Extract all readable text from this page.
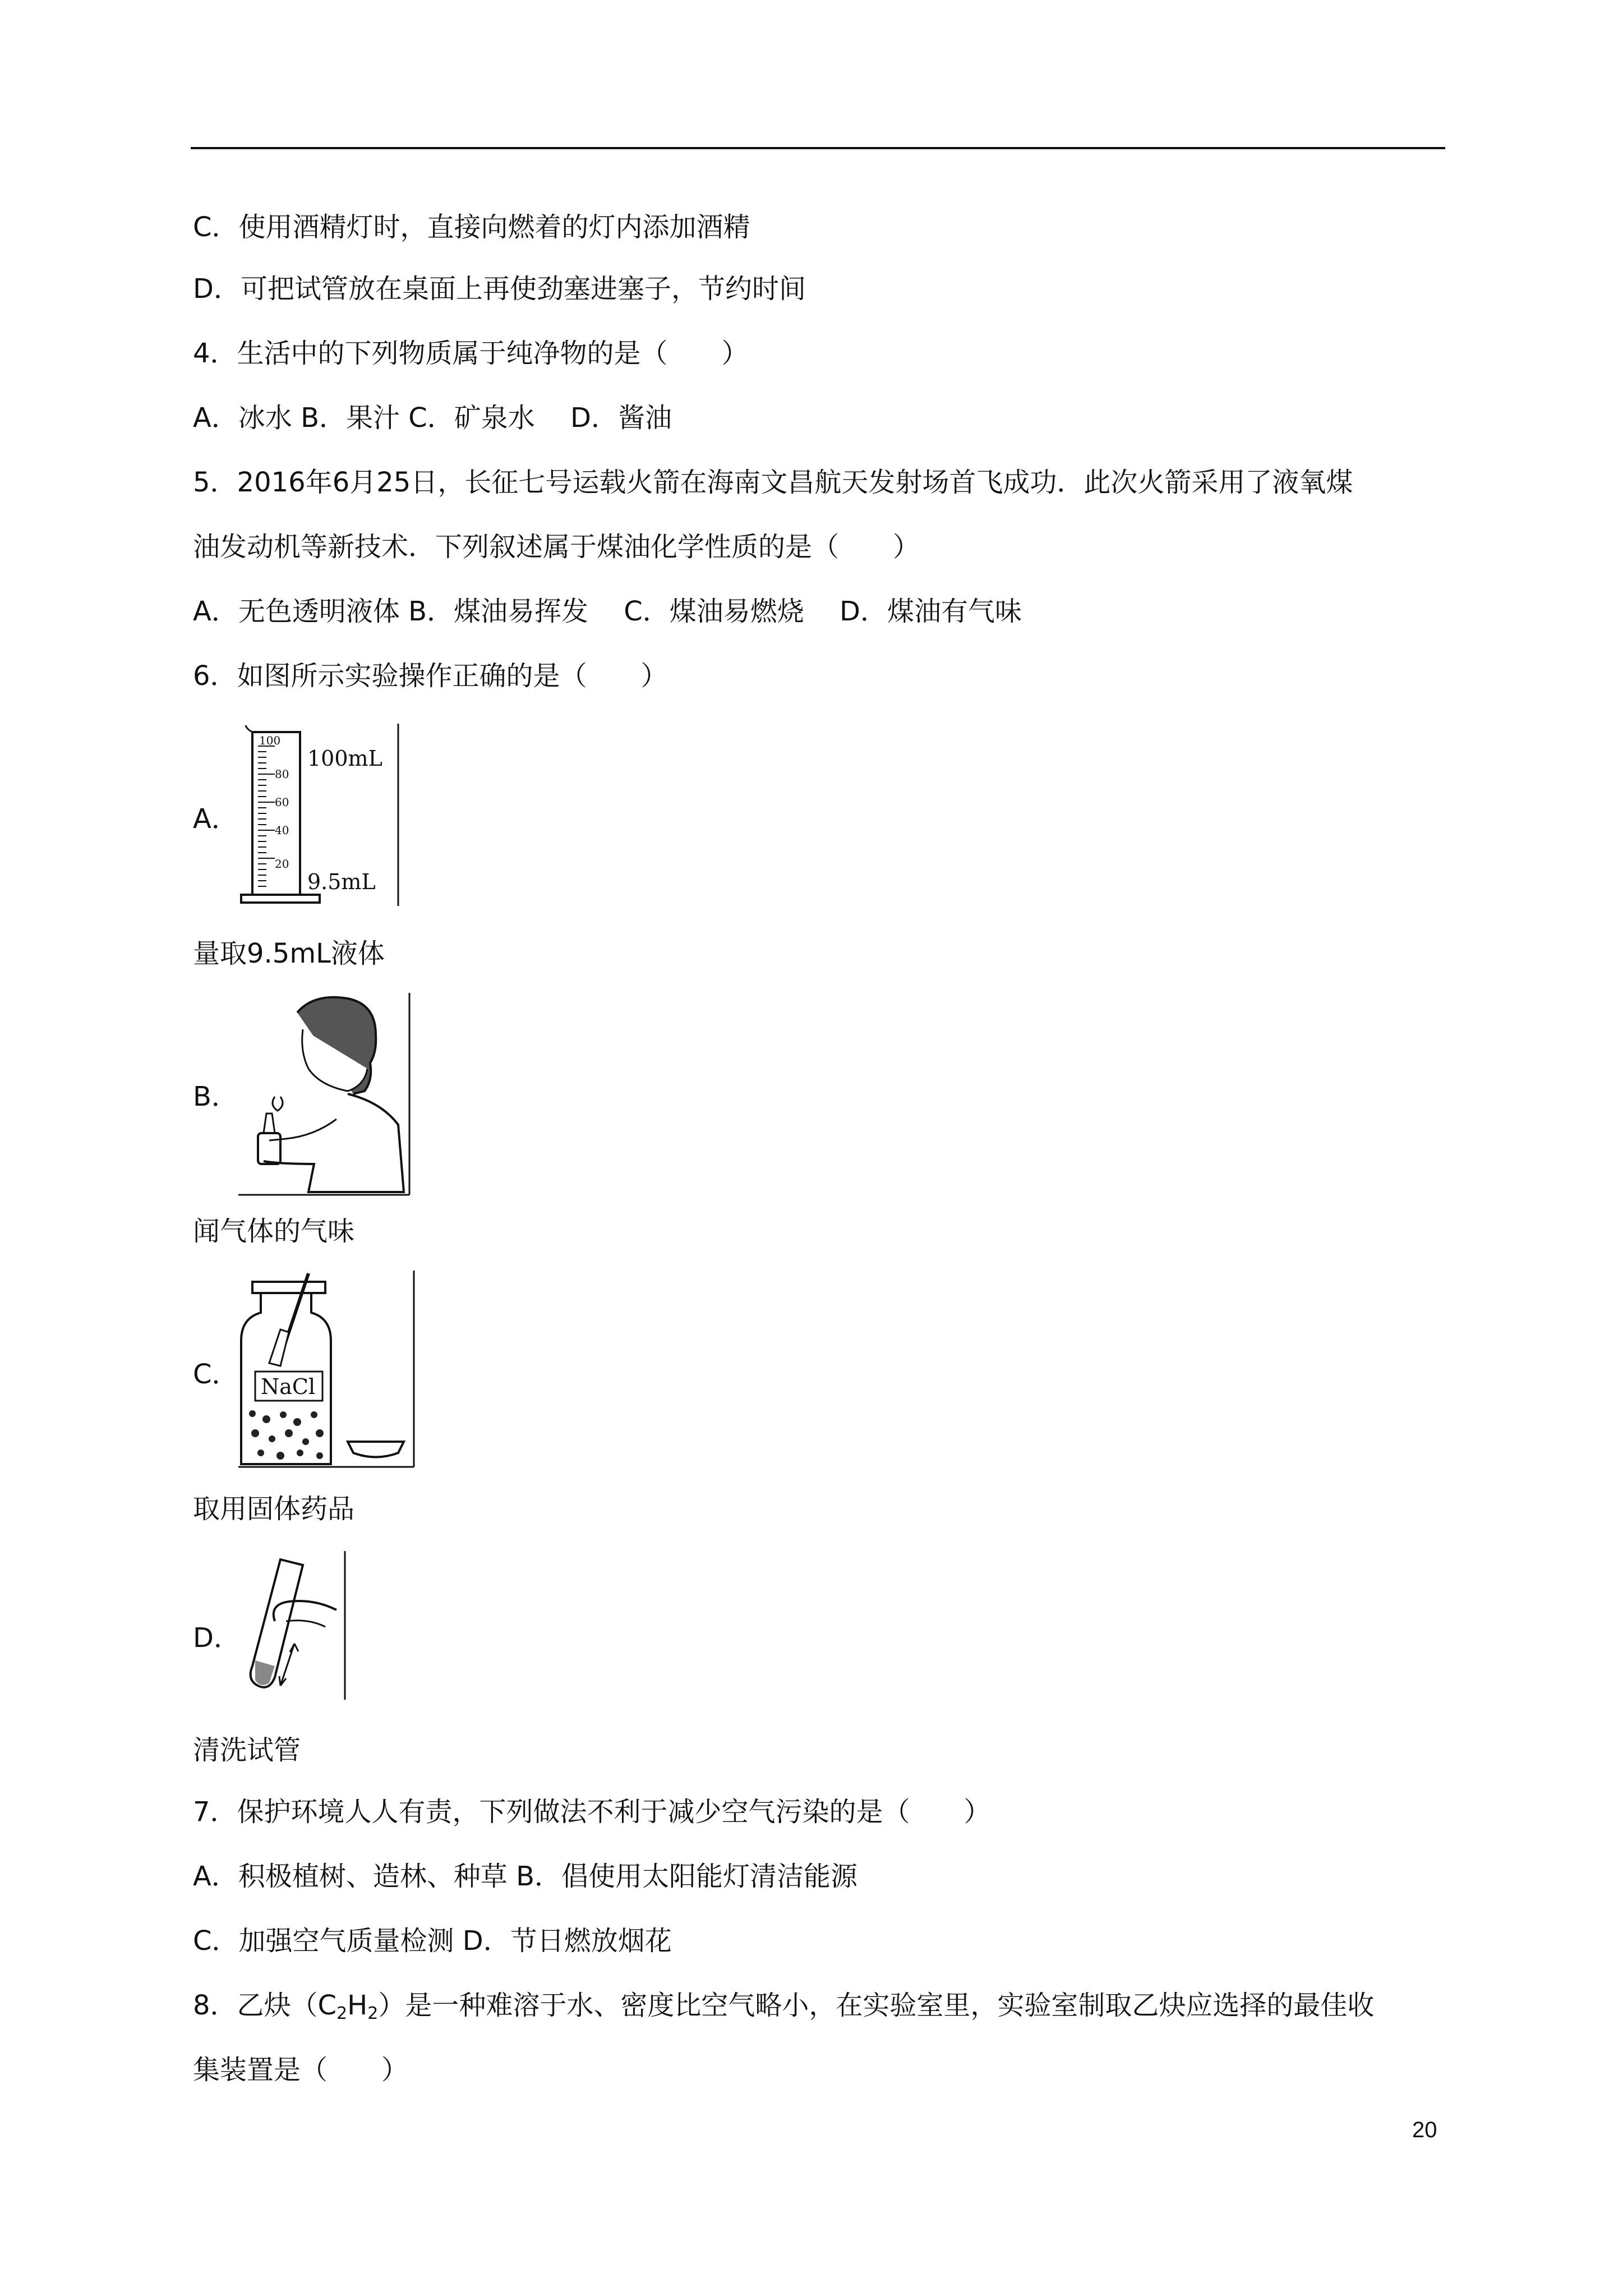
C．使用酒精灯时，直接向燃着的灯内添加酒精
D．可把试管放在桌面上再使劲塞进塞子，节约时间
4．生活中的下列物质属于纯净物的是（　　）
A．冰水 B．果汁 C．矿泉水　 D．酱油
5．2016年6月25日，长征七号运载火箭在海南文昌航天发射场首飞成功．此次火箭采用了液氧煤
油发动机等新技术．下列叙述属于煤油化学性质的是（　　）
A．无色透明液体 B．煤油易挥发　 C．煤油易燃烧　 D．煤油有气味
6．如图所示实验操作正确的是（　　）
A．
100
80
60
40
20
100mL
9.5mL
量取9.5mL液体
B．
闻气体的气味
C． NaCl
取用固体药品
D．
清洗试管
7．保护环境人人有责，下列做法不利于减少空气污染的是（　　）
A．积极植树、造林、种草 B．倡使用太阳能灯清洁能源
C．加强空气质量检测 D．节日燃放烟花
8．乙炔$(C_2H_2)$是一种难溶于水、密度比空气略小，在实验室里，实验室制取乙炔应选择的最佳收
集装置是（　　）
20
